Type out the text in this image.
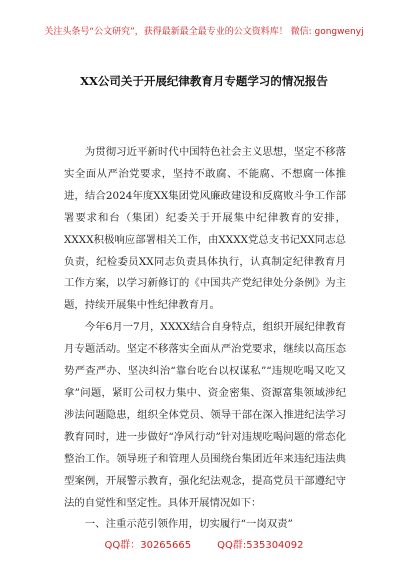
关注头条号“公文研究”，获得最新最全最专业的公文资料库！ 微信: gongwenyj
XX公司关于开展纪律教育月专题学习的情况报告

为贯彻习近平新时代中国特色社会主义思想，坚定不移落实全面从严治党要求，坚持不敢腐、不能腐、不想腐一体推进，结合2024年度XX集团党风廉政建设和反腐败斗争工作部署要求和台（集团）纪委关于开展集中纪律教育的安排，XXXX积极响应部署相关工作，由XXXX党总支书记XX同志总负责，纪检委员XX同志负责具体执行，认真制定纪律教育月工作方案，以学习新修订的《中国共产党纪律处分条例》为主题，持续开展集中性纪律教育月。

今年6月一7月，XXXX结合自身特点，组织开展纪律教育月专题活动。坚定不移落实全面从严治党要求，继续以高压态势严查严办、坚决纠治“靠台吃台以权谋私”“违规吃喝又吃又拿”问题，紧盯公司权力集中、资金密集、资源富集领域涉纪涉法问题隐患，组织全体党员、领导干部在深入推进纪法学习教育同时，进一步做好“净风行动”针对违规吃喝问题的常态化整治工作。领导班子和管理人员围绕台集团近年来违纪违法典型案例，开展警示教育，强化纪法观念，提高党员干部遵纪守法的自觉性和坚定性。具体开展情况如下：

一、注重示范引领作用，切实履行“一岗双责”

QQ群：30265665	QQ群:535304092
